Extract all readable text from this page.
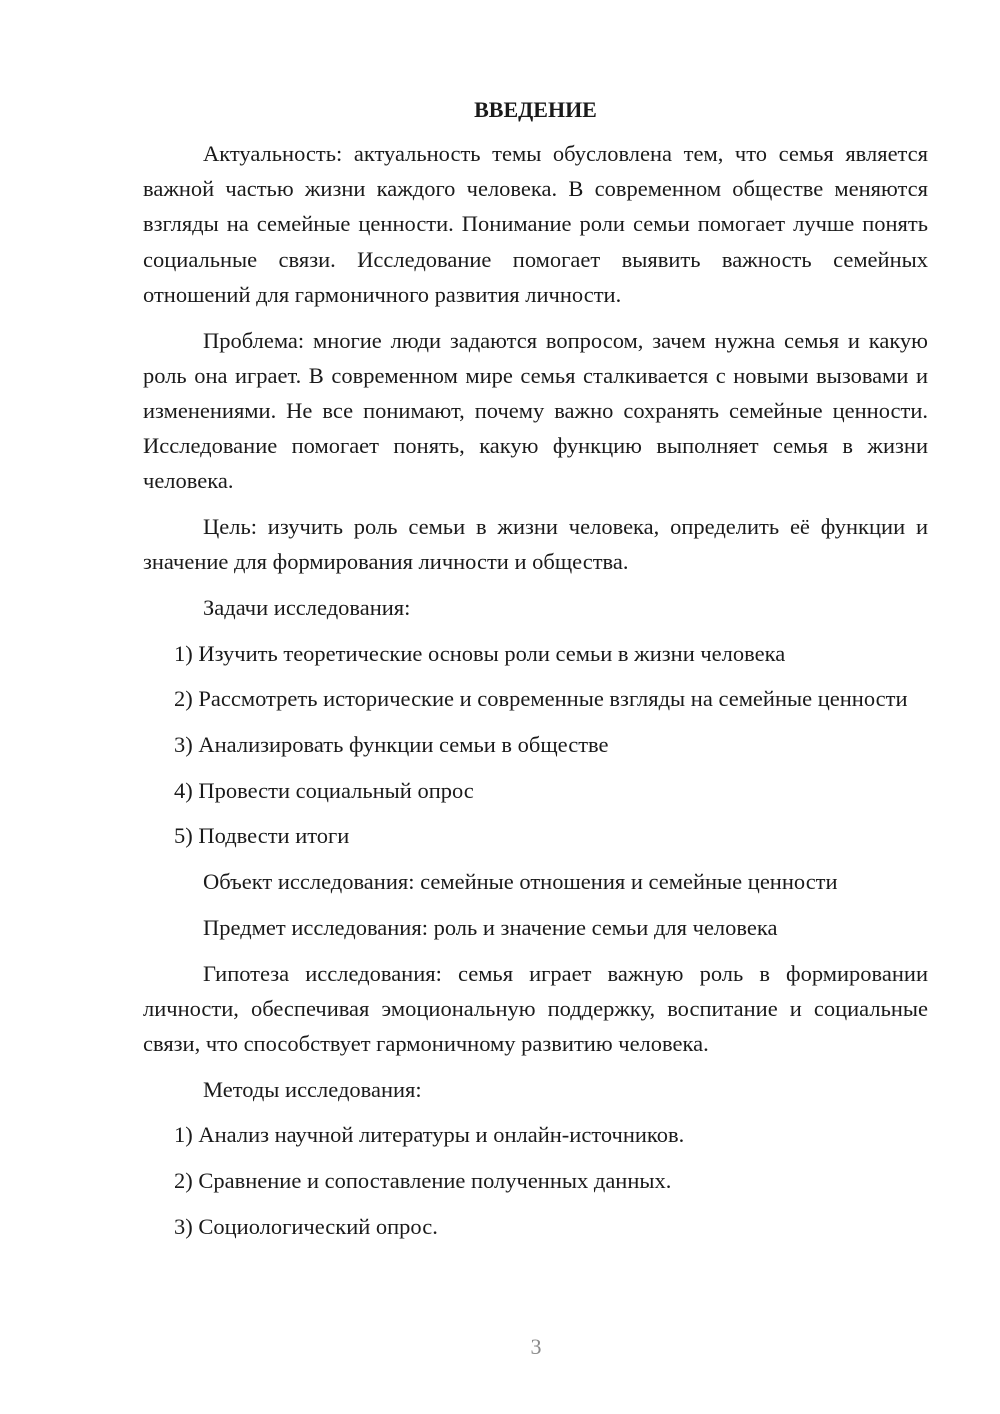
ВВЕДЕНИЕ

Актуальность: актуальность темы обусловлена тем, что семья является важной частью жизни каждого человека. В современном обществе меняются взгляды на семейные ценности. Понимание роли семьи помогает лучше понять социальные связи. Исследование помогает выявить важность семейных отношений для гармоничного развития личности.

Проблема: многие люди задаются вопросом, зачем нужна семья и какую роль она играет. В современном мире семья сталкивается с новыми вызовами и изменениями. Не все понимают, почему важно сохранять семейные ценности. Исследование помогает понять, какую функцию выполняет семья в жизни человека.

Цель: изучить роль семьи в жизни человека, определить её функции и значение для формирования личности и общества.

Задачи исследования:

1) Изучить теоретические основы роли семьи в жизни человека

2) Рассмотреть исторические и современные взгляды на семейные ценности

3) Анализировать функции семьи в обществе

4) Провести социальный опрос

5) Подвести итоги

Объект исследования: семейные отношения и семейные ценности

Предмет исследования: роль и значение семьи для человека

Гипотеза исследования: семья играет важную роль в формировании личности, обеспечивая эмоциональную поддержку, воспитание и социальные связи, что способствует гармоничному развитию человека.

Методы исследования:

1) Анализ научной литературы и онлайн-источников.

2) Сравнение и сопоставление полученных данных.

3) Социологический опрос.

3
